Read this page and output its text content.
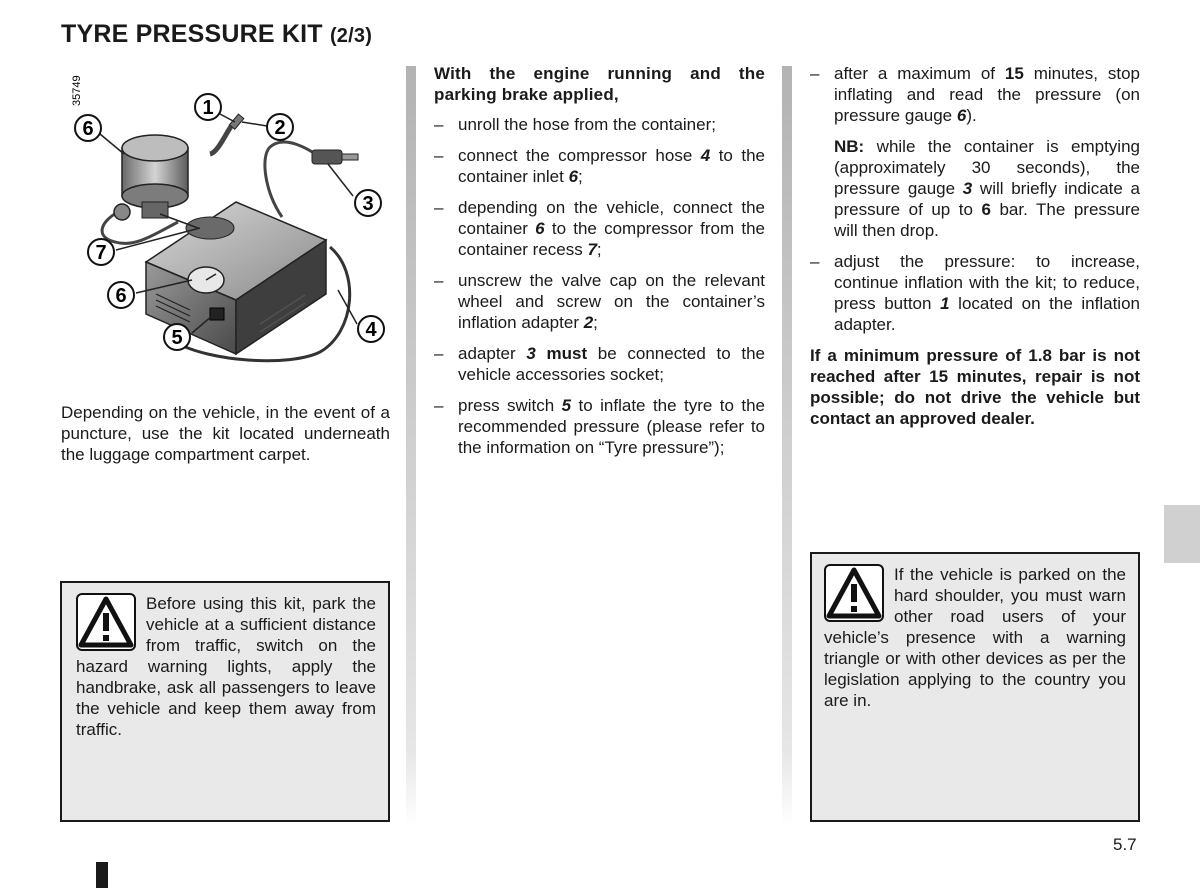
TYRE PRESSURE KIT (2/3)
35749
1
2
3
4
5
6
6
7
Depending on the vehicle, in the event of a puncture, use the kit located underneath the luggage compartment carpet.
Before using this kit, park the vehicle at a sufficient distance from traffic, switch on the hazard warning lights, apply the handbrake, ask all passengers to leave the vehicle and keep them away from traffic.
With the engine running and the parking brake applied,
– unroll the hose from the container;
– connect the compressor hose 4 to the container inlet 6;
– depending on the vehicle, connect the container 6 to the compressor from the container recess 7;
– unscrew the valve cap on the relevant wheel and screw on the container’s inflation adapter 2;
– adapter 3 must be connected to the vehicle accessories socket;
– press switch 5 to inflate the tyre to the recommended pressure (please refer to the information on “Tyre pressure”);
– after a maximum of 15 minutes, stop inflating and read the pressure (on pressure gauge 6).
NB: while the container is emptying (approximately 30 seconds), the pressure gauge 3 will briefly indicate a pressure of up to 6 bar. The pressure will then drop.
– adjust the pressure: to increase, continue inflation with the kit; to reduce, press button 1 located on the inflation adapter.
If a minimum pressure of 1.8 bar is not reached after 15 minutes, repair is not possible; do not drive the vehicle but contact an approved dealer.
If the vehicle is parked on the hard shoulder, you must warn other road users of your vehicle’s presence with a warning triangle or with other devices as per the legislation applying to the country you are in.
5.7
